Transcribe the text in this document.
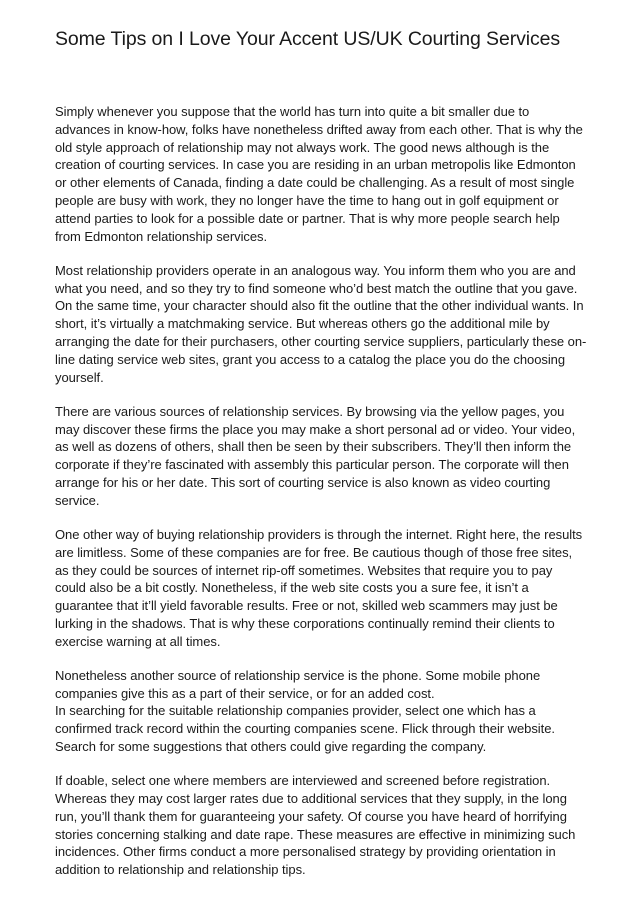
Some Tips on I Love Your Accent US/UK Courting Services

Simply whenever you suppose that the world has turn into quite a bit smaller due to
advances in know-how, folks have nonetheless drifted away from each other. That is why the
old style approach of relationship may not always work. The good news although is the
creation of courting services. In case you are residing in an urban metropolis like Edmonton
or other elements of Canada, finding a date could be challenging. As a result of most single
people are busy with work, they no longer have the time to hang out in golf equipment or
attend parties to look for a possible date or partner. That is why more people search help
from Edmonton relationship services.

Most relationship providers operate in an analogous way. You inform them who you are and
what you need, and so they try to find someone who’d best match the outline that you gave.
On the same time, your character should also fit the outline that the other individual wants. In
short, it’s virtually a matchmaking service. But whereas others go the additional mile by
arranging the date for their purchasers, other courting service suppliers, particularly these on-
line dating service web sites, grant you access to a catalog the place you do the choosing
yourself.

There are various sources of relationship services. By browsing via the yellow pages, you
may discover these firms the place you may make a short personal ad or video. Your video,
as well as dozens of others, shall then be seen by their subscribers. They’ll then inform the
corporate if they’re fascinated with assembly this particular person. The corporate will then
arrange for his or her date. This sort of courting service is also known as video courting
service.

One other way of buying relationship providers is through the internet. Right here, the results
are limitless. Some of these companies are for free. Be cautious though of those free sites,
as they could be sources of internet rip-off sometimes. Websites that require you to pay
could also be a bit costly. Nonetheless, if the web site costs you a sure fee, it isn’t a
guarantee that it’ll yield favorable results. Free or not, skilled web scammers may just be
lurking in the shadows. That is why these corporations continually remind their clients to
exercise warning at all times.

Nonetheless another source of relationship service is the phone. Some mobile phone
companies give this as a part of their service, or for an added cost.
In searching for the suitable relationship companies provider, select one which has a
confirmed track record within the courting companies scene. Flick through their website.
Search for some suggestions that others could give regarding the company.

If doable, select one where members are interviewed and screened before registration.
Whereas they may cost larger rates due to additional services that they supply, in the long
run, you’ll thank them for guaranteeing your safety. Of course you have heard of horrifying
stories concerning stalking and date rape. These measures are effective in minimizing such
incidences. Other firms conduct a more personalised strategy by providing orientation in
addition to relationship and relationship tips.
